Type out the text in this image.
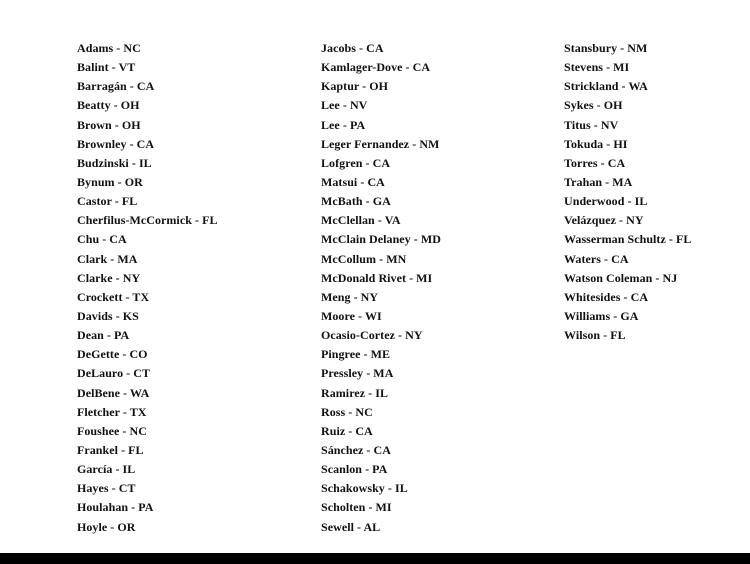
Adams - NC
Balint - VT
Barragán - CA
Beatty - OH
Brown - OH
Brownley - CA
Budzinski - IL
Bynum - OR
Castor - FL
Cherfilus-McCormick - FL
Chu - CA
Clark - MA
Clarke - NY
Crockett - TX
Davids - KS
Dean - PA
DeGette - CO
DeLauro - CT
DelBene - WA
Fletcher - TX
Foushee - NC
Frankel - FL
García - IL
Hayes - CT
Houlahan - PA
Hoyle - OR
Jacobs - CA
Kamlager-Dove - CA
Kaptur - OH
Lee - NV
Lee - PA
Leger Fernandez - NM
Lofgren - CA
Matsui - CA
McBath - GA
McClellan - VA
McClain Delaney - MD
McCollum - MN
McDonald Rivet - MI
Meng - NY
Moore - WI
Ocasio-Cortez - NY
Pingree - ME
Pressley - MA
Ramirez - IL
Ross - NC
Ruiz - CA
Sánchez - CA
Scanlon - PA
Schakowsky - IL
Scholten - MI
Sewell - AL
Stansbury - NM
Stevens - MI
Strickland - WA
Sykes - OH
Titus - NV
Tokuda - HI
Torres - CA
Trahan - MA
Underwood - IL
Velázquez - NY
Wasserman Schultz - FL
Waters - CA
Watson Coleman - NJ
Whitesides - CA
Williams - GA
Wilson - FL
